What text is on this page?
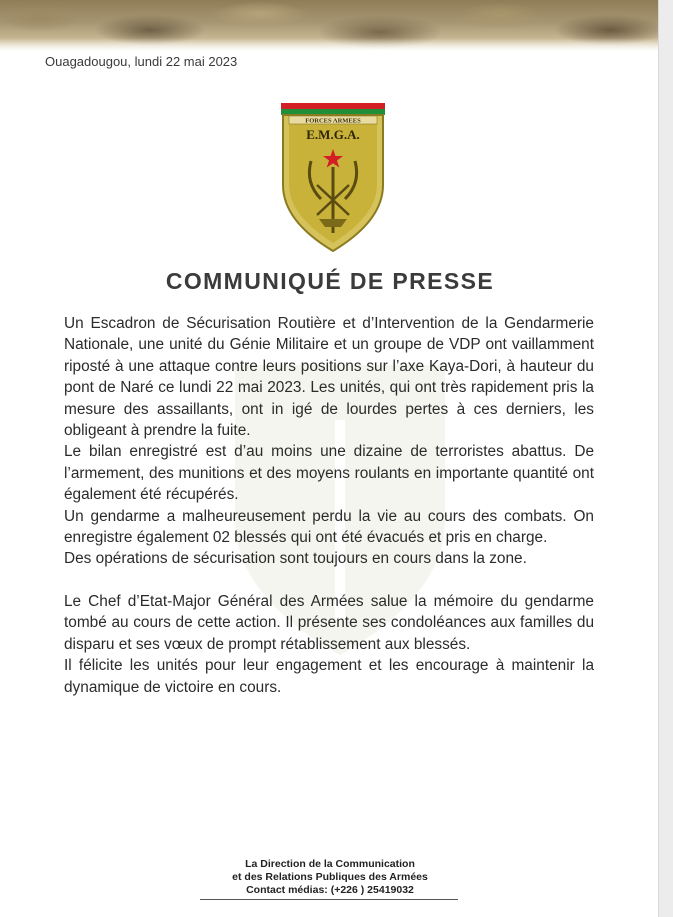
Ouagadougou, lundi 22 mai 2023
FORCES ARMEES
E.M.G.A.
COMMUNIQUÉ DE PRESSE

Un Escadron de Sécurisation Routière et d’Intervention de la Gendarmerie Nationale, une unité du Génie Militaire et un groupe de VDP ont vaillamment riposté à une attaque contre leurs positions sur l’axe Kaya-Dori, à hauteur du pont de Naré ce lundi 22 mai 2023. Les unités, qui ont très rapidement pris la mesure des assaillants, ont in igé de lourdes pertes à ces derniers, les obligeant à prendre la fuite.

Le bilan enregistré est d’au moins une dizaine de terroristes abattus. De l’armement, des munitions et des moyens roulants en importante quantité ont également été récupérés.

Un gendarme a malheureusement perdu la vie au cours des combats. On enregistre également 02 blessés qui ont été évacués et pris en charge.

Des opérations de sécurisation sont toujours en cours dans la zone.

Le Chef d’Etat-Major Général des Armées salue la mémoire du gendarme tombé au cours de cette action. Il présente ses condoléances aux familles du disparu et ses vœux de prompt rétablissement aux blessés.

Il félicite les unités pour leur engagement et les encourage à maintenir la dynamique de victoire en cours.

La Direction de la Communication
et des Relations Publiques des Armées
Contact médias: (+226 ) 25419032
